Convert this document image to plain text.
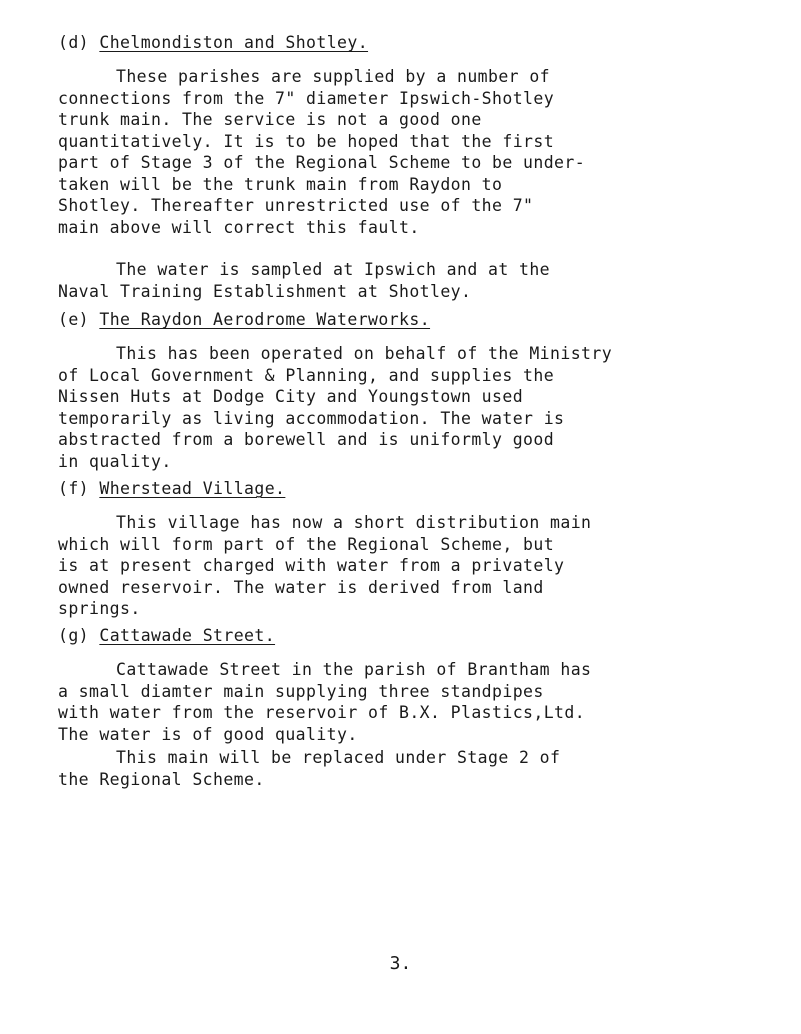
(d) Chelmondiston and Shotley.
These parishes are supplied by a number of
connections from the 7" diameter Ipswich-Shotley
trunk main. The service is not a good one
quantitatively. It is to be hoped that the first
part of Stage 3 of the Regional Scheme to be under-
taken will be the trunk main from Raydon to
Shotley. Thereafter unrestricted use of the 7"
main above will correct this fault.
The water is sampled at Ipswich and at the
Naval Training Establishment at Shotley.
(e) The Raydon Aerodrome Waterworks.
This has been operated on behalf of the Ministry
of Local Government & Planning, and supplies the
Nissen Huts at Dodge City and Youngstown used
temporarily as living accommodation. The water is
abstracted from a borewell and is uniformly good
in quality.
(f) Wherstead Village.
This village has now a short distribution main
which will form part of the Regional Scheme, but
is at present charged with water from a privately
owned reservoir. The water is derived from land
springs.
(g) Cattawade Street.
Cattawade Street in the parish of Brantham has
a small diamter main supplying three standpipes
with water from the reservoir of B.X. Plastics,Ltd.
The water is of good quality.
This main will be replaced under Stage 2 of
the Regional Scheme.

3.
